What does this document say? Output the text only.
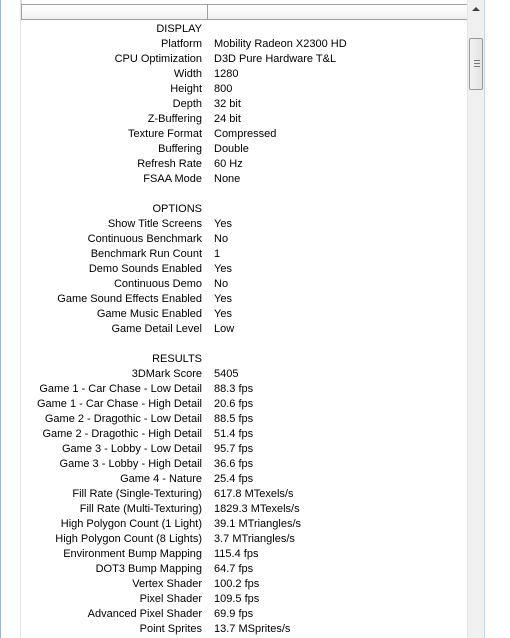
DISPLAY
Platform	Mobility Radeon X2300 HD
CPU Optimization	D3D Pure Hardware T&L
Width	1280
Height	800
Depth	32 bit
Z-Buffering	24 bit
Texture Format	Compressed
Buffering	Double
Refresh Rate	60 Hz
FSAA Mode	None
OPTIONS
Show Title Screens	Yes
Continuous Benchmark	No
Benchmark Run Count	1
Demo Sounds Enabled	Yes
Continuous Demo	No
Game Sound Effects Enabled	Yes
Game Music Enabled	Yes
Game Detail Level	Low
RESULTS
3DMark Score	5405
Game 1 - Car Chase - Low Detail	88.3 fps
Game 1 - Car Chase - High Detail	20.6 fps
Game 2 - Dragothic - Low Detail	88.5 fps
Game 2 - Dragothic - High Detail	51.4 fps
Game 3 - Lobby - Low Detail	95.7 fps
Game 3 - Lobby - High Detail	36.6 fps
Game 4 - Nature	25.4 fps
Fill Rate (Single-Texturing)	617.8 MTexels/s
Fill Rate (Multi-Texturing)	1829.3 MTexels/s
High Polygon Count (1 Light)	39.1 MTriangles/s
High Polygon Count (8 Lights)	3.7 MTriangles/s
Environment Bump Mapping	115.4 fps
DOT3 Bump Mapping	64.7 fps
Vertex Shader	100.2 fps
Pixel Shader	109.5 fps
Advanced Pixel Shader	69.9 fps
Point Sprites	13.7 MSprites/s
